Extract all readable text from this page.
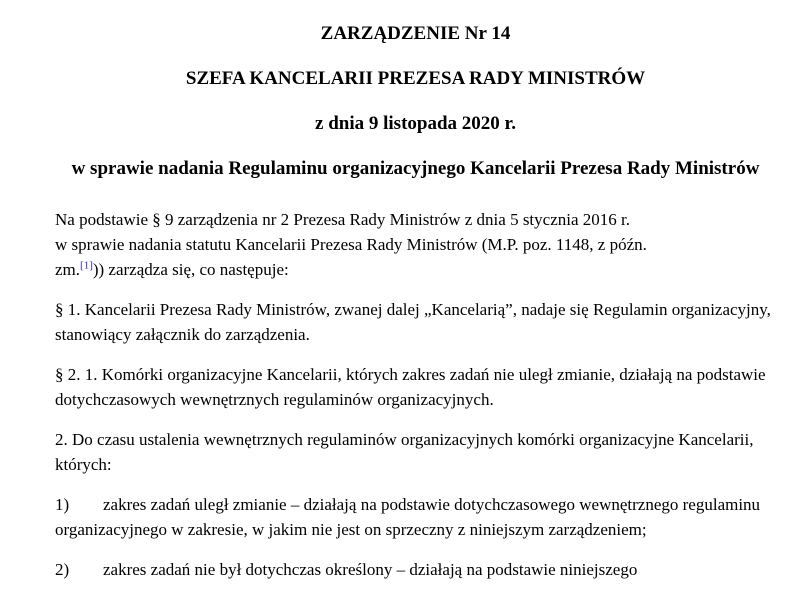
ZARZĄDZENIE Nr 14
SZEFA KANCELARII PREZESA RADY MINISTRÓW
z dnia 9 listopada 2020 r.
w sprawie nadania Regulaminu organizacyjnego Kancelarii Prezesa Rady Ministrów

Na podstawie § 9 zarządzenia nr 2 Prezesa Rady Ministrów z dnia 5 stycznia 2016 r.
w sprawie nadania statutu Kancelarii Prezesa Rady Ministrów (M.P. poz. 1148, z późn.
zm.[1])) zarządza się, co następuje:

§ 1. Kancelarii Prezesa Rady Ministrów, zwanej dalej „Kancelarią”, nadaje się Regulamin organizacyjny, stanowiący załącznik do zarządzenia.

§ 2. 1. Komórki organizacyjne Kancelarii, których zakres zadań nie uległ zmianie, działają na podstawie dotychczasowych wewnętrznych regulaminów organizacyjnych.

2. Do czasu ustalenia wewnętrznych regulaminów organizacyjnych komórki organizacyjne Kancelarii, których:

1) zakres zadań uległ zmianie – działają na podstawie dotychczasowego wewnętrznego regulaminu organizacyjnego w zakresie, w jakim nie jest on sprzeczny z niniejszym zarządzeniem;

2) zakres zadań nie był dotychczas określony – działają na podstawie niniejszego
